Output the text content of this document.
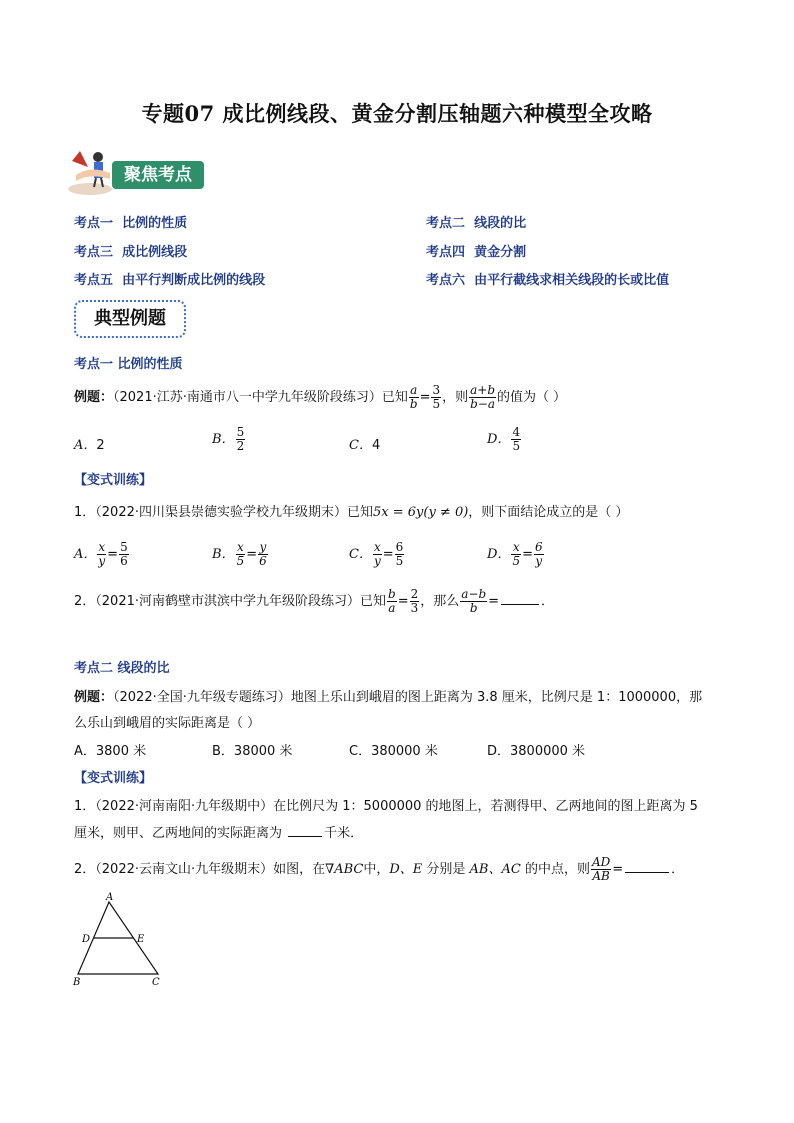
专题07 成比例线段、黄金分割压轴题六种模型全攻略
聚焦考点
考点一 比例的性质	考点二 线段的比
考点三 成比例线段	考点四 黄金分割
考点五 由平行判断成比例的线段	考点六 由平行截线求相关线段的长或比值
典型例题
考点一 比例的性质
例题：（2021·江苏·南通市八一中学九年级阶段练习）已知 $\frac{a}{b} = \frac{3}{5}$ ，则 $\frac{a+b}{b-a}$ 的值为（ ）
A．2	B． $\frac{5}{2}$	C．4	D． $\frac{4}{5}$
【变式训练】
1．（2022·四川渠县崇德实验学校九年级期末）已知5x = 6y(y ≠ 0)，则下面结论成立的是（ ）
A． $\frac{x}{y} = \frac{5}{6}$	B． $\frac{x}{5} = \frac{y}{6}$	C． $\frac{x}{y} = \frac{6}{5}$	D． $\frac{x}{5} = \frac{6}{y}$
2．（2021·河南鹤壁市淇滨中学九年级阶段练习）已知 $\frac{b}{a} = \frac{2}{3}$ ，那么 $\frac{a-b}{b}$ =	．
考点二 线段的比
例题：（2022·全国·九年级专题练习）地图上乐山到峨眉的图上距离为 3.8 厘米，比例尺是 1：1000000，那
么乐山到峨眉的实际距离是（ ）
A．3800 米	B．38000 米	C．380000 米	D．3800000 米
【变式训练】
1．（2022·河南南阳·九年级期中）在比例尺为 1：5000000 的地图上，若测得甲、乙两地间的图上距离为 5
厘米，则甲、乙两地间的实际距离为	千米．
2．（2022·云南文山·九年级期末）如图，在∇ABC中，D、E 分别是 AB、AC 的中点，则 $\frac{AD}{AB}$ =	．
A
D	E
B	C
